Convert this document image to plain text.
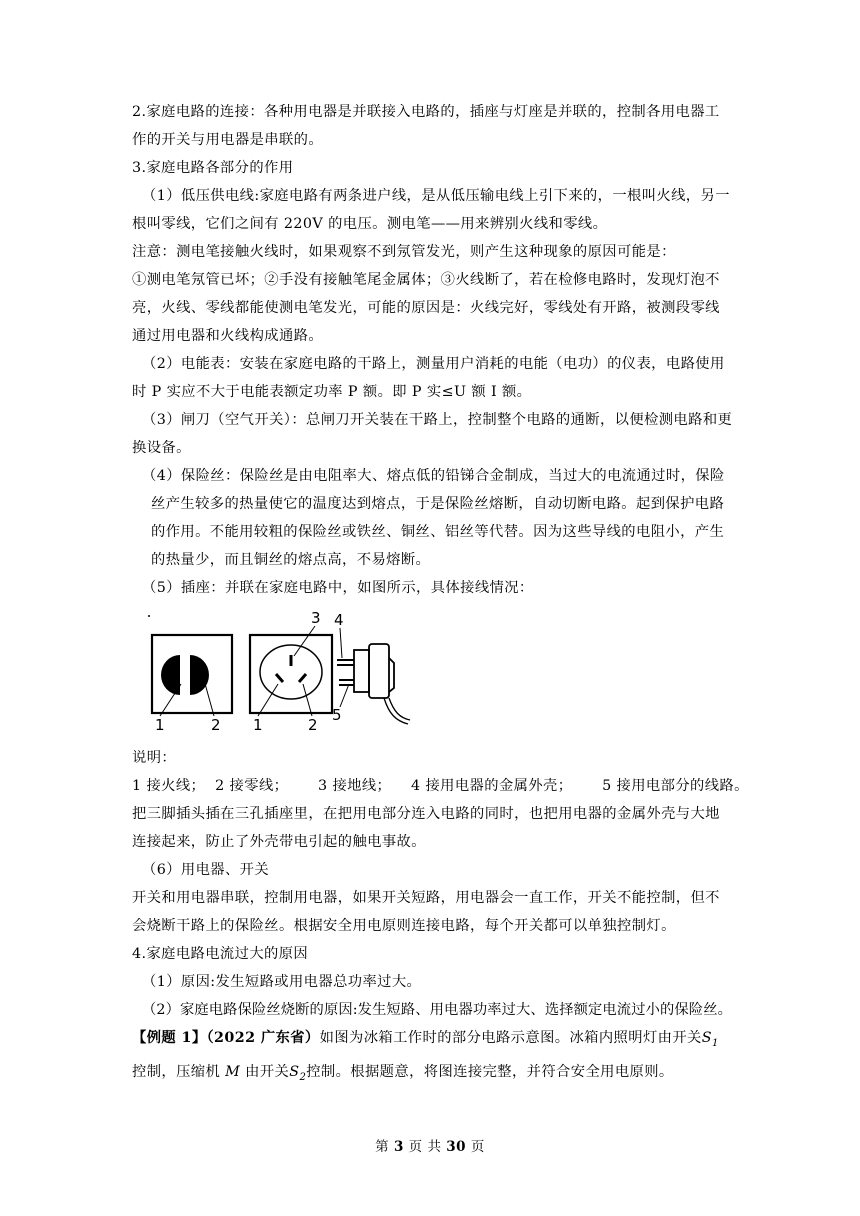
2.家庭电路的连接：各种用电器是并联接入电路的，插座与灯座是并联的，控制各用电器工

作的开关与用电器是串联的。

3.家庭电路各部分的作用

（1）低压供电线:家庭电路有两条进户线，是从低压输电线上引下来的，一根叫火线，另一

根叫零线，它们之间有 220V 的电压。测电笔——用来辨别火线和零线。

注意：测电笔接触火线时，如果观察不到氖管发光，则产生这种现象的原因可能是：

①测电笔氖管已坏；②手没有接触笔尾金属体；③火线断了，若在检修电路时，发现灯泡不

亮，火线、零线都能使测电笔发光，可能的原因是：火线完好，零线处有开路，被测段零线

通过用电器和火线构成通路。

（2）电能表：安装在家庭电路的干路上，测量用户消耗的电能（电功）的仪表，电路使用

时 P 实应不大于电能表额定功率 P 额。即 P 实≤U 额 I 额。

（3）闸刀（空气开关）：总闸刀开关装在干路上，控制整个电路的通断，以便检测电路和更

换设备。

（4）保险丝：保险丝是由电阻率大、熔点低的铅锑合金制成，当过大的电流通过时，保险

丝产生较多的热量使它的温度达到熔点，于是保险丝熔断，自动切断电路。起到保护电路

的作用。不能用较粗的保险丝或铁丝、铜丝、铝丝等代替。因为这些导线的电阻小，产生

的热量少，而且铜丝的熔点高，不易熔断。

（5）插座：并联在家庭电路中，如图所示，具体接线情况：

1	2
3
1	2
4
5

说明：

1 接火线；  2 接零线；      3 接地线；    4 接用电器的金属外壳；      5 接用电部分的线路。

把三脚插头插在三孔插座里，在把用电部分连入电路的同时，也把用电器的金属外壳与大地

连接起来，防止了外壳带电引起的触电事故。

（6）用电器、开关

开关和用电器串联，控制用电器，如果开关短路，用电器会一直工作，开关不能控制，但不

会烧断干路上的保险丝。根据安全用电原则连接电路，每个开关都可以单独控制灯。

4.家庭电路电流过大的原因

（1）原因:发生短路或用电器总功率过大。

（2）家庭电路保险丝烧断的原因:发生短路、用电器功率过大、选择额定电流过小的保险丝。

【例题 1】（2022 广东省）如图为冰箱工作时的部分电路示意图。冰箱内照明灯由开关$S_1$

控制，压缩机 M 由开关$S_2$控制。根据题意，将图连接完整，并符合安全用电原则。

第 3 页 共 30 页
